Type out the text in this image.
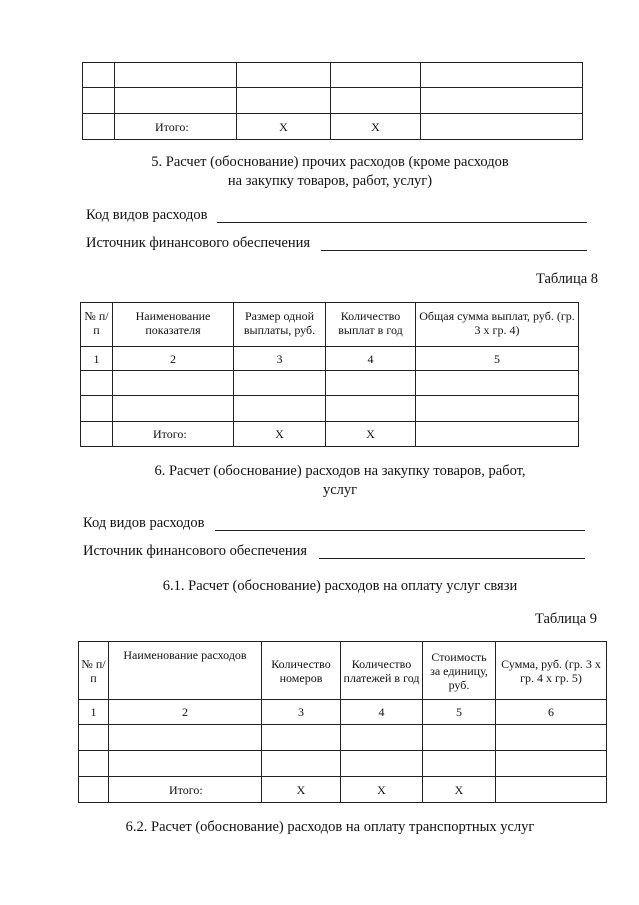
	Итого:	X	X	
5. Расчет (обоснование) прочих расходов (кроме расходов
на закупку товаров, работ, услуг)
Код видов расходов
Источник финансового обеспечения
Таблица 8
№ п/п	Наименование показателя	Размер одной выплаты, руб.	Количество выплат в год	Общая сумма выплат, руб. (гр. 3 х гр. 4)
1	2	3	4	5

	Итого:	X	X	
6. Расчет (обоснование) расходов на закупку товаров, работ,
услуг
Код видов расходов
Источник финансового обеспечения
6.1. Расчет (обоснование) расходов на оплату услуг связи
Таблица 9
№ п/п	Наименование расходов	Количество номеров	Количество платежей в год	Стоимость за единицу, руб.	Сумма, руб. (гр. 3 х гр. 4 х гр. 5)
1	2	3	4	5	6

	Итого:	X	X	X	
6.2. Расчет (обоснование) расходов на оплату транспортных услуг
